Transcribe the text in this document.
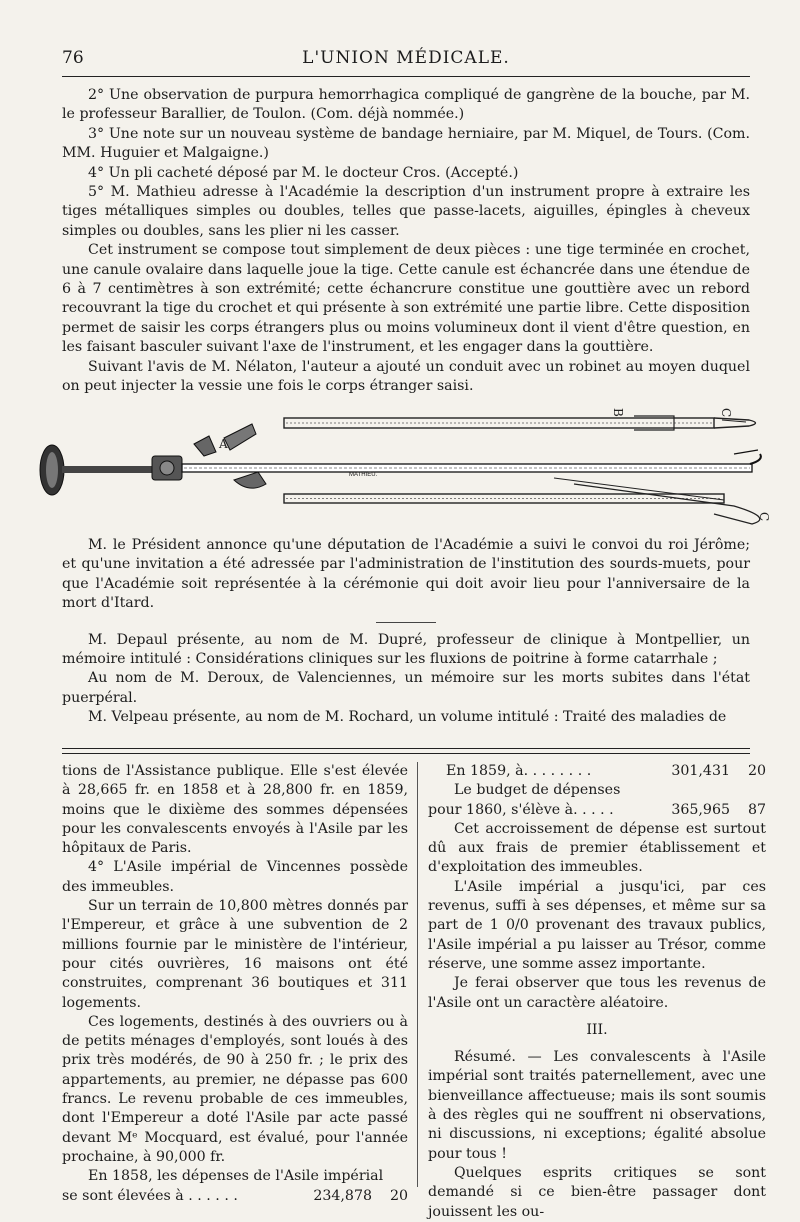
76	L'UNION MÉDICALE.

2° Une observation de purpura hemorrhagica compliqué de gangrène de la bouche, par M. le professeur Barallier, de Toulon. (Com. déjà nommée.)

3° Une note sur un nouveau système de bandage herniaire, par M. Miquel, de Tours. (Com. MM. Huguier et Malgaigne.)

4° Un pli cacheté déposé par M. le docteur Cros. (Accepté.)

5° M. Mathieu adresse à l'Académie la description d'un instrument propre à extraire les tiges métalliques simples ou doubles, telles que passe-lacets, aiguilles, épingles à cheveux simples ou doubles, sans les plier ni les casser.

Cet instrument se compose tout simplement de deux pièces : une tige terminée en crochet, une canule ovalaire dans laquelle joue la tige. Cette canule est échancrée dans une étendue de 6 à 7 centimètres à son extrémité; cette échancrure constitue une gouttière avec un rebord recouvrant la tige du crochet et qui présente à son extrémité une partie libre. Cette disposition permet de saisir les corps étrangers plus ou moins volumineux dont il vient d'être question, en les faisant basculer suivant l'axe de l'instrument, et les engager dans la gouttière.

Suivant l'avis de M. Nélaton, l'auteur a ajouté un conduit avec un robinet au moyen duquel on peut injecter la vessie une fois le corps étranger saisi.

MATHIEU.
A
B	C
C

M. le Président annonce qu'une députation de l'Académie a suivi le convoi du roi Jérôme; et qu'une invitation a été adressée par l'administration de l'institution des sourds-muets, pour que l'Académie soit représentée à la cérémonie qui doit avoir lieu pour l'anniversaire de la mort d'Itard.

M. Depaul présente, au nom de M. Dupré, professeur de clinique à Montpellier, un mémoire intitulé : Considérations cliniques sur les fluxions de poitrine à forme catarrhale ;

Au nom de M. Deroux, de Valenciennes, un mémoire sur les morts subites dans l'état puerpéral.

M. Velpeau présente, au nom de M. Rochard, un volume intitulé : Traité des maladies de

tions de l'Assistance publique. Elle s'est élevée à 28,665 fr. en 1858 et à 28,800 fr. en 1859, moins que le dixième des sommes dépensées pour les convalescents envoyés à l'Asile par les hôpitaux de Paris.

4° L'Asile impérial de Vincennes possède des immeubles.

Sur un terrain de 10,800 mètres donnés par l'Empereur, et grâce à une subvention de 2 millions fournie par le ministère de l'intérieur, pour cités ouvrières, 16 maisons ont été construites, comprenant 36 boutiques et 311 logements.

Ces logements, destinés à des ouvriers ou à de petits ménages d'employés, sont loués à des prix très modérés, de 90 à 250 fr. ; le prix des appartements, au premier, ne dépasse pas 600 francs. Le revenu probable de ces immeubles, dont l'Empereur a doté l'Asile par acte passé devant Mᵉ Mocquard, est évalué, pour l'année prochaine, à 90,000 fr.

En 1858, les dépenses de l'Asile impérial

se sont élevées à . . . . . .	234,878	20
En 1859, à. . . . . . . .	301,431	20

Le budget de dépenses

pour 1860, s'élève à. . . . .	365,965	87

Cet accroissement de dépense est surtout dû aux frais de premier établissement et d'exploitation des immeubles.

L'Asile impérial a jusqu'ici, par ces revenus, suffi à ses dépenses, et même sur sa part de 1 0/0 provenant des travaux publics, l'Asile impérial a pu laisser au Trésor, comme réserve, une somme assez importante.

Je ferai observer que tous les revenus de l'Asile ont un caractère aléatoire.

III.

Résumé. — Les convalescents à l'Asile impérial sont traités paternellement, avec une bienveillance affectueuse; mais ils sont soumis à des règles qui ne souffrent ni observations, ni discussions, ni exceptions; égalité absolue pour tous !

Quelques esprits critiques se sont demandé si ce bien-être passager dont jouissent les ou-
